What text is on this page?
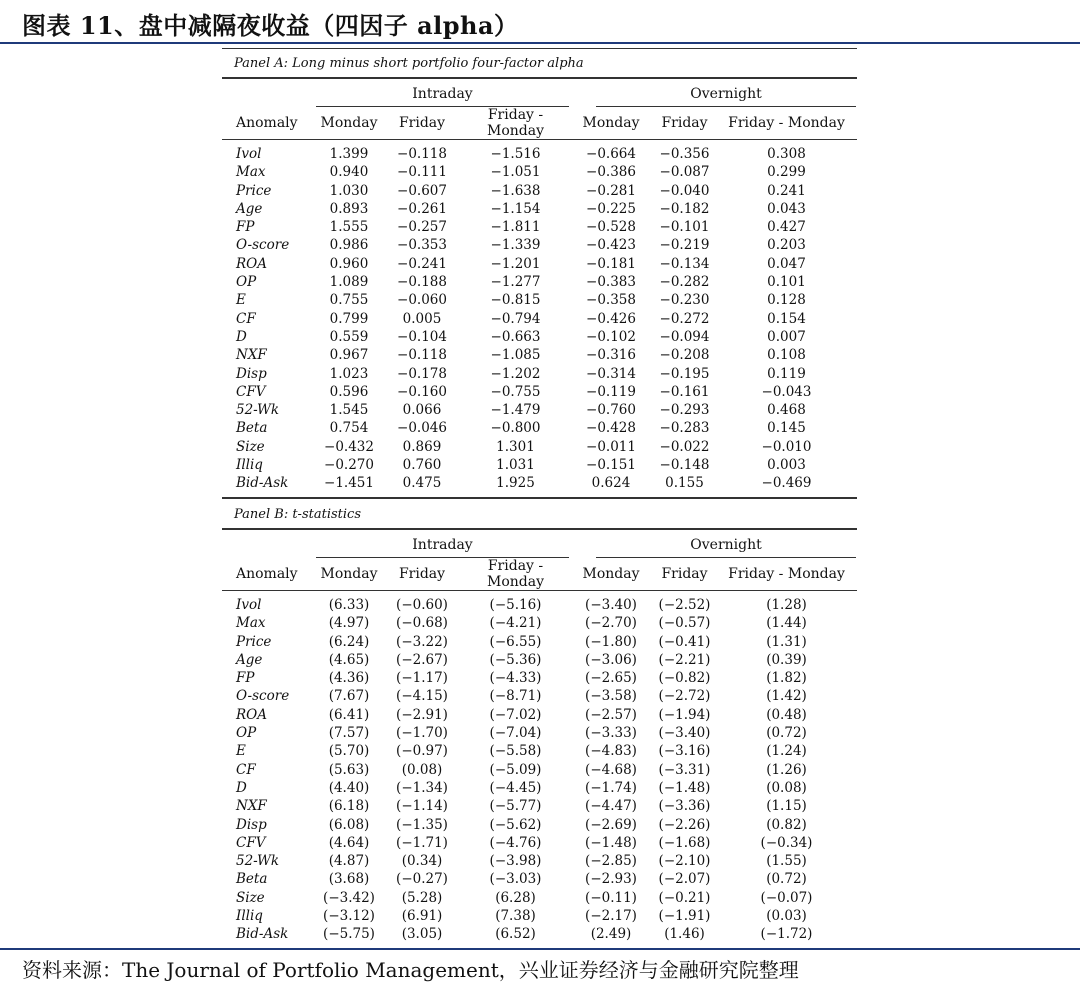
图表 11、盘中减隔夜收益（四因子 alpha）
Panel A: Long minus short portfolio four-factor alpha
Intraday	Overnight
Anomaly	Monday	Friday	Friday - Monday	Monday	Friday	Friday - Monday
Ivol	1.399	−0.118	−1.516	−0.664	−0.356	0.308
Max	0.940	−0.111	−1.051	−0.386	−0.087	0.299
Price	1.030	−0.607	−1.638	−0.281	−0.040	0.241
Age	0.893	−0.261	−1.154	−0.225	−0.182	0.043
FP	1.555	−0.257	−1.811	−0.528	−0.101	0.427
O-score	0.986	−0.353	−1.339	−0.423	−0.219	0.203
ROA	0.960	−0.241	−1.201	−0.181	−0.134	0.047
OP	1.089	−0.188	−1.277	−0.383	−0.282	0.101
E	0.755	−0.060	−0.815	−0.358	−0.230	0.128
CF	0.799	0.005	−0.794	−0.426	−0.272	0.154
D	0.559	−0.104	−0.663	−0.102	−0.094	0.007
NXF	0.967	−0.118	−1.085	−0.316	−0.208	0.108
Disp	1.023	−0.178	−1.202	−0.314	−0.195	0.119
CFV	0.596	−0.160	−0.755	−0.119	−0.161	−0.043
52-Wk	1.545	0.066	−1.479	−0.760	−0.293	0.468
Beta	0.754	−0.046	−0.800	−0.428	−0.283	0.145
Size	−0.432	0.869	1.301	−0.011	−0.022	−0.010
Illiq	−0.270	0.760	1.031	−0.151	−0.148	0.003
Bid-Ask	−1.451	0.475	1.925	0.624	0.155	−0.469
Panel B: t-statistics
Intraday	Overnight
Anomaly	Monday	Friday	Friday - Monday	Monday	Friday	Friday - Monday
Ivol	(6.33)	(−0.60)	(−5.16)	(−3.40)	(−2.52)	(1.28)
Max	(4.97)	(−0.68)	(−4.21)	(−2.70)	(−0.57)	(1.44)
Price	(6.24)	(−3.22)	(−6.55)	(−1.80)	(−0.41)	(1.31)
Age	(4.65)	(−2.67)	(−5.36)	(−3.06)	(−2.21)	(0.39)
FP	(4.36)	(−1.17)	(−4.33)	(−2.65)	(−0.82)	(1.82)
O-score	(7.67)	(−4.15)	(−8.71)	(−3.58)	(−2.72)	(1.42)
ROA	(6.41)	(−2.91)	(−7.02)	(−2.57)	(−1.94)	(0.48)
OP	(7.57)	(−1.70)	(−7.04)	(−3.33)	(−3.40)	(0.72)
E	(5.70)	(−0.97)	(−5.58)	(−4.83)	(−3.16)	(1.24)
CF	(5.63)	(0.08)	(−5.09)	(−4.68)	(−3.31)	(1.26)
D	(4.40)	(−1.34)	(−4.45)	(−1.74)	(−1.48)	(0.08)
NXF	(6.18)	(−1.14)	(−5.77)	(−4.47)	(−3.36)	(1.15)
Disp	(6.08)	(−1.35)	(−5.62)	(−2.69)	(−2.26)	(0.82)
CFV	(4.64)	(−1.71)	(−4.76)	(−1.48)	(−1.68)	(−0.34)
52-Wk	(4.87)	(0.34)	(−3.98)	(−2.85)	(−2.10)	(1.55)
Beta	(3.68)	(−0.27)	(−3.03)	(−2.93)	(−2.07)	(0.72)
Size	(−3.42)	(5.28)	(6.28)	(−0.11)	(−0.21)	(−0.07)
Illiq	(−3.12)	(6.91)	(7.38)	(−2.17)	(−1.91)	(0.03)
Bid-Ask	(−5.75)	(3.05)	(6.52)	(2.49)	(1.46)	(−1.72)
资料来源：The Journal of Portfolio Management，兴业证券经济与金融研究院整理
